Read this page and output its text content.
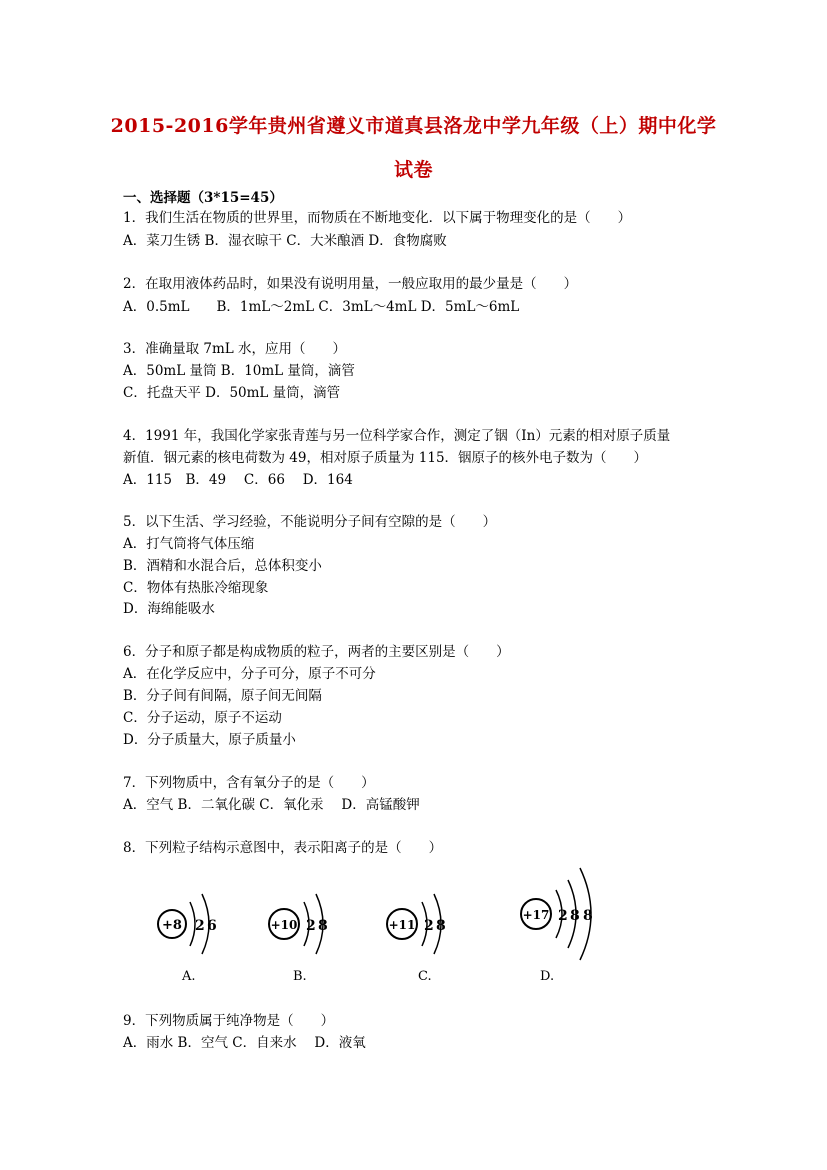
2015-2016学年贵州省遵义市道真县洛龙中学九年级（上）期中化学
试卷
一、选择题（3*15=45）
1．我们生活在物质的世界里，而物质在不断地变化．以下属于物理变化的是（　　）
A．菜刀生锈 B．湿衣晾干 C．大米酿酒 D．食物腐败
2．在取用液体药品时，如果没有说明用量，一般应取用的最少量是（　　）
A．0.5mL　　B．1mL～2mL C．3mL～4mL D．5mL～6mL
3．准确量取 7mL 水，应用（　　）
A．50mL 量筒 B．10mL 量筒，滴管
C．托盘天平 D．50mL 量筒，滴管
4．1991 年，我国化学家张青莲与另一位科学家合作，测定了铟（In）元素的相对原子质量
新值．铟元素的核电荷数为 49，相对原子质量为 115．铟原子的核外电子数为（　　）
A．115　B．49　 C．66　 D．164
5．以下生活、学习经验，不能说明分子间有空隙的是（　　）
A．打气筒将气体压缩
B．酒精和水混合后，总体积变小
C．物体有热胀冷缩现象
D．海绵能吸水
6．分子和原子都是构成物质的粒子，两者的主要区别是（　　）
A．在化学反应中，分子可分，原子不可分
B．分子间有间隔，原子间无间隔
C．分子运动，原子不运动
D．分子质量大，原子质量小
7．下列物质中，含有氧分子的是（　　）
A．空气 B．二氧化碳 C．氧化汞　 D．高锰酸钾
8．下列粒子结构示意图中，表示阳离子的是（　　）
+8 2 6
A.
+10 2 8
B.
+11 2 8
C.
+17 2 8 8
D.
9．下列物质属于纯净物是（　　）
A．雨水 B．空气 C．自来水　 D．液氧
